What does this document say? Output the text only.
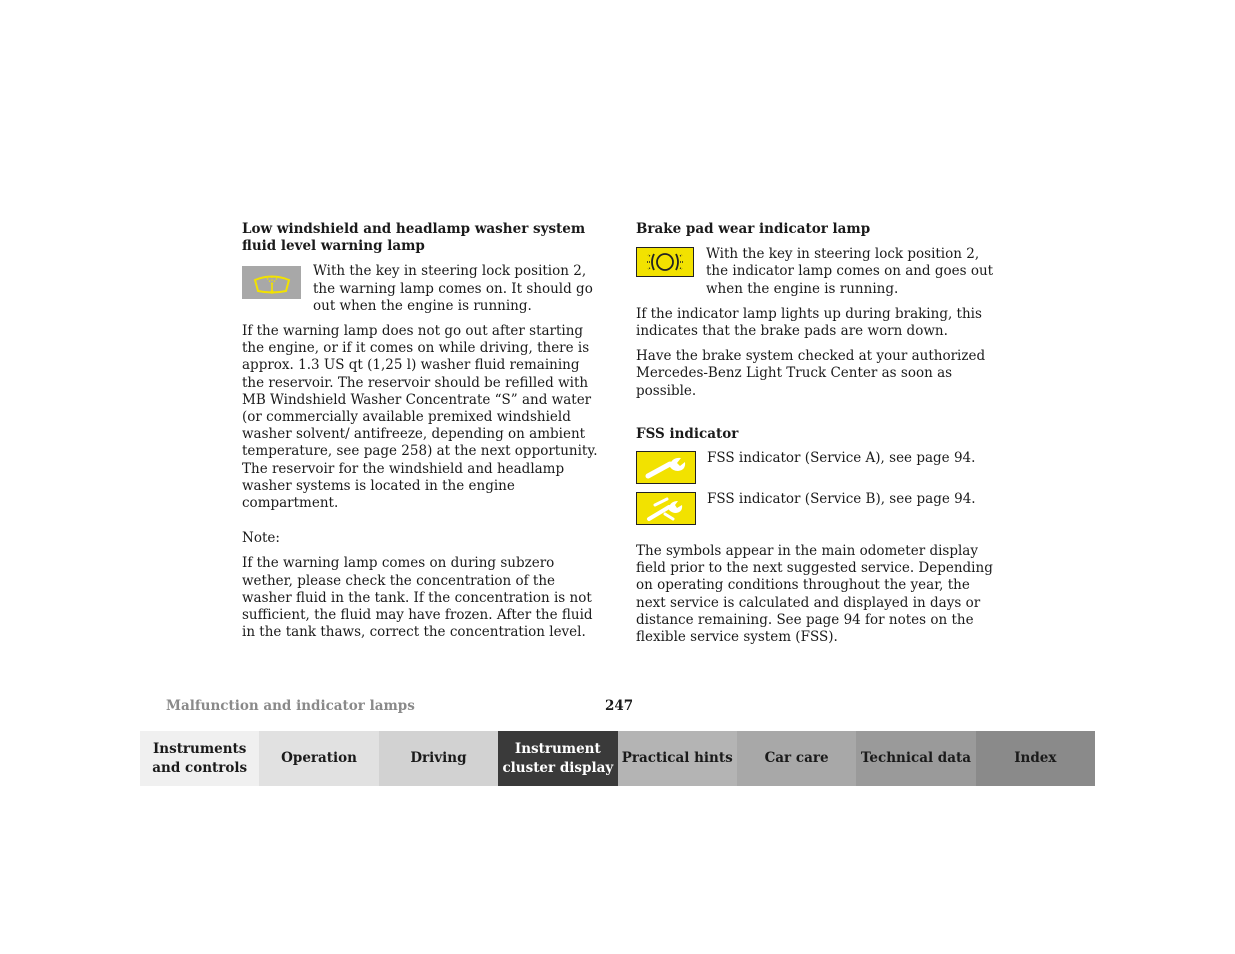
Low windshield and headlamp washer system fluid level warning lamp
With the key in steering lock position 2, the warning lamp comes on. It should go out when the engine is running.

If the warning lamp does not go out after starting the engine, or if it comes on while driving, there is approx. 1.3 US qt (1,25 l) washer fluid remaining the reservoir. The reservoir should be refilled with MB Windshield Washer Concentrate “S” and water (or commercially available premixed windshield washer solvent/ antifreeze, depending on ambient temperature, see page 258) at the next opportunity. The reservoir for the windshield and headlamp washer systems is located in the engine compartment.

Note:

If the warning lamp comes on during subzero wether, please check the concentration of the washer fluid in the tank. If the concentration is not sufficient, the fluid may have frozen. After the fluid in the tank thaws, correct the concentration level.

Brake pad wear indicator lamp
With the key in steering lock position 2, the indicator lamp comes on and goes out when the engine is running.

If the indicator lamp lights up during braking, this indicates that the brake pads are worn down.

Have the brake system checked at your authorized Mercedes-Benz Light Truck Center as soon as possible.

FSS indicator
FSS indicator (Service A), see page 94.
FSS indicator (Service B), see page 94.

The symbols appear in the main odometer display field prior to the next suggested service. Depending on operating conditions throughout the year, the next service is calculated and displayed in days or distance remaining. See page 94 for notes on the flexible service system (FSS).

Malfunction and indicator lamps	247
Instruments and controls
Operation	Driving
Instrument cluster display
Practical hints	Car care	Technical data	Index
